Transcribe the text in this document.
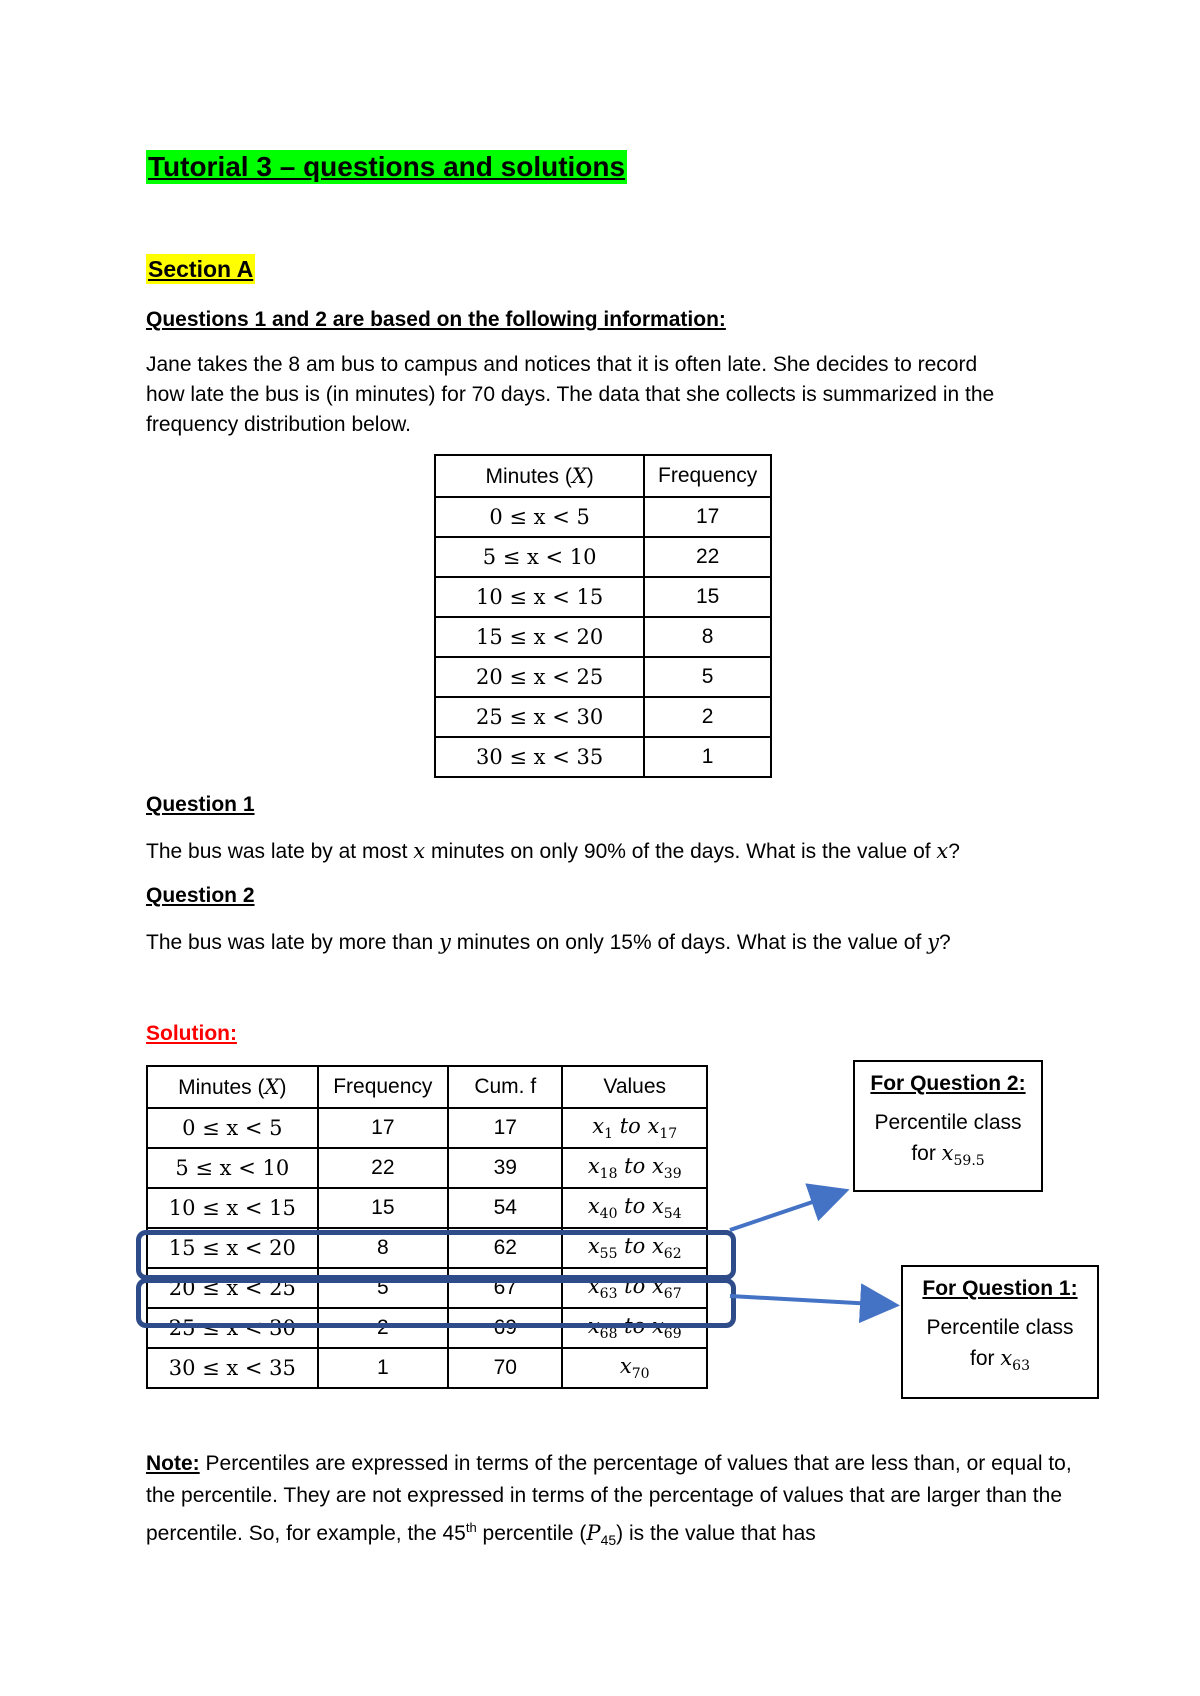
Tutorial 3 – questions and solutions
Section A
Questions 1 and 2 are based on the following information:
Jane takes the 8 am bus to campus and notices that it is often late. She decides to record
how late the bus is (in minutes) for 70 days. The data that she collects is summarized in the
frequency distribution below.
Minutes (X)	Frequency
0 ≤ x < 5	17
5 ≤ x < 10	22
10 ≤ x < 15	15
15 ≤ x < 20	8
20 ≤ x < 25	5
25 ≤ x < 30	2
30 ≤ x < 35	1
Question 1
The bus was late by at most x minutes on only 90% of the days. What is the value of x?
Question 2
The bus was late by more than y minutes on only 15% of days. What is the value of y?
Solution:
Minutes (X)	Frequency	Cum. f	Values
0 ≤ x < 5	17	17	$x_1$ to $x_{17}$
5 ≤ x < 10	22	39	$x_{18}$ to $x_{39}$
10 ≤ x < 15	15	54	$x_{40}$ to $x_{54}$
15 ≤ x < 20	8	62	$x_{55}$ to $x_{62}$
20 ≤ x < 25	5	67	$x_{63}$ to $x_{67}$
25 ≤ x < 30	2	69	$x_{68}$ to $x_{69}$
30 ≤ x < 35	1	70	$x_{70}$
For Question 2:
Percentile class
for $x_{59.5}$
For Question 1:
Percentile class
for $x_{63}$
Note: Percentiles are expressed in terms of the percentage of values that are less than, or equal to, the percentile. They are not expressed in terms of the percentage of values that are larger than the percentile. So, for example, the 45th percentile $(P_{45})$ is the value that has
